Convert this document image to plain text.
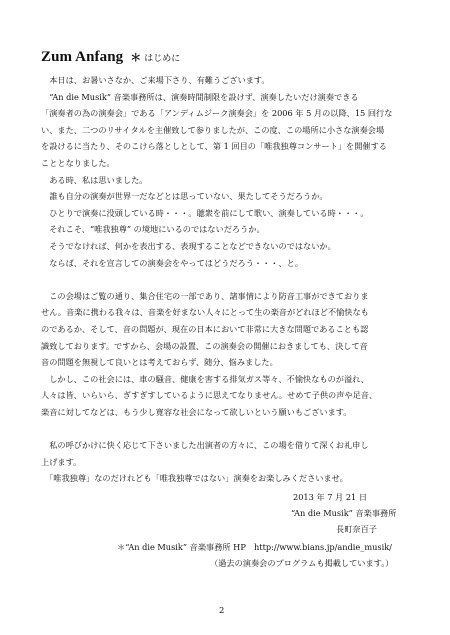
Zum Anfang ＊ はじめに
　本日は、お暑いさなか、ご来場下さり、有難うございます。
　“An die Musik” 音楽事務所は、演奏時間制限を設けず、演奏したいだけ演奏できる
「演奏者の為の演奏会」である「アンディムジーク演奏会」を 2006 年 5 月の以降、15 回行な
い、また、二つのリサイタルを主催致して参りましたが、この度、この場所に小さな演奏会場
を設けるに当たり、そのこけら落としとして、第 1 回目の「唯我独尊コンサート」を開催する
こととなりました。
　ある時、私は思いました。
　誰も自分の演奏が世界一だなどとは思っていない、果たしてそうだろうか。
　ひとりで演奏に没頭している時・・・。聴衆を前にして歌い、演奏している時・・・。
　それこそ、“唯我独尊” の境地にいるのではないだろうか。
　そうでなければ、何かを表出する、表現することなどできないのではないか。
　ならば、それを宣言しての演奏会をやってはどうだろう・・・、と。
　この会場はご覧の通り、集合住宅の一部であり、諸事情により防音工事ができておりま
せん。音楽に携わる我々は、音楽を好まない人々にとって生の楽音がどれほど不愉快なも
のであるか、そして、音の問題が、現在の日本において非常に大きな問題であることも認
識致しております。ですから、会場の設置、この演奏会の開催におきましても、決して音
音の問題を無視して良いとは考えておらず、随分、悩みました。
　しかし、この社会には、車の騒音、健康を害する排気ガス等々、不愉快なものが溢れ、
人々は皆、いらいら、ぎすぎすしているように思えてなりません。せめて子供の声や足音、
楽音に対してなどは、もう少し寛容な社会になって欲しいという願いもございます。
　私の呼びかけに快く応じて下さいました出演者の方々に、この場を借りて深くお礼申し
上げます。
　「唯我独尊」なのだけれども「唯我独尊ではない」演奏をお楽しみくださいませ。
2013 年 7 月 21 日
“An die Musik” 音楽事務所
長町奈百子
＊“An die Musik” 音楽事務所 HP　http://www.bians.jp/andie_musik/
（過去の演奏会のプログラムも掲載しています。）
2
